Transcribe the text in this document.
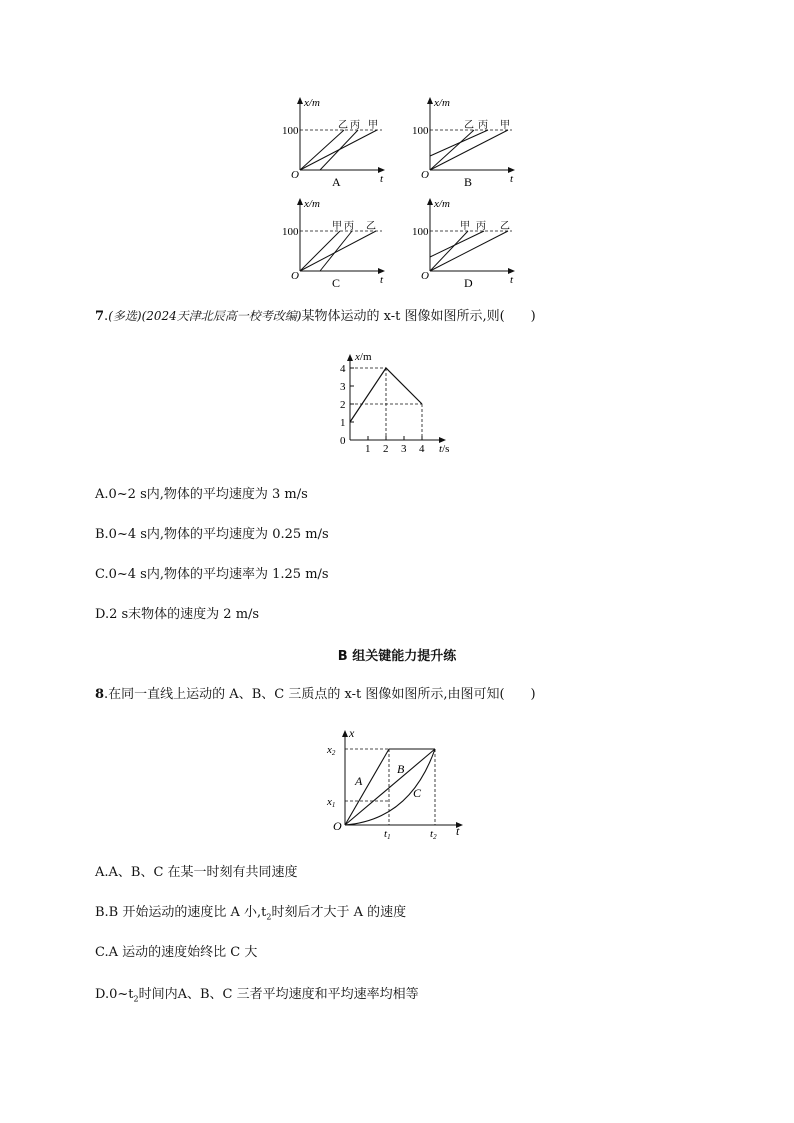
x/m
100
O	t
乙 丙 甲
A
x/m
100
O	t
乙 丙 甲
B
x/m
100
O	t
甲 丙 乙
C
x/m
100
O	t
甲 丙 乙
D
7.(多选)(2024天津北辰高一校考改编)某物体运动的 x-t 图像如图所示,则( )
x/m
4
3
2
1
0
1 2 3 4 t/s
A.0~2 s内,物体的平均速度为 3 m/s
B.0~4 s内,物体的平均速度为 0.25 m/s
C.0~4 s内,物体的平均速率为 1.25 m/s
D.2 s末物体的速度为 2 m/s
B 组关键能力提升练
8.在同一直线上运动的 A、B、C 三质点的 x-t 图像如图所示,由图可知( )
x
x2
x1
O
t1	t2 t
A
B
C
A.A、B、C 在某一时刻有共同速度
B.B 开始运动的速度比 A 小$,t_2$时刻后才大于 A 的速度
C.A 运动的速度始终比 C 大
$D.0\sim t_2$时间内A、B、C 三者平均速度和平均速率均相等
